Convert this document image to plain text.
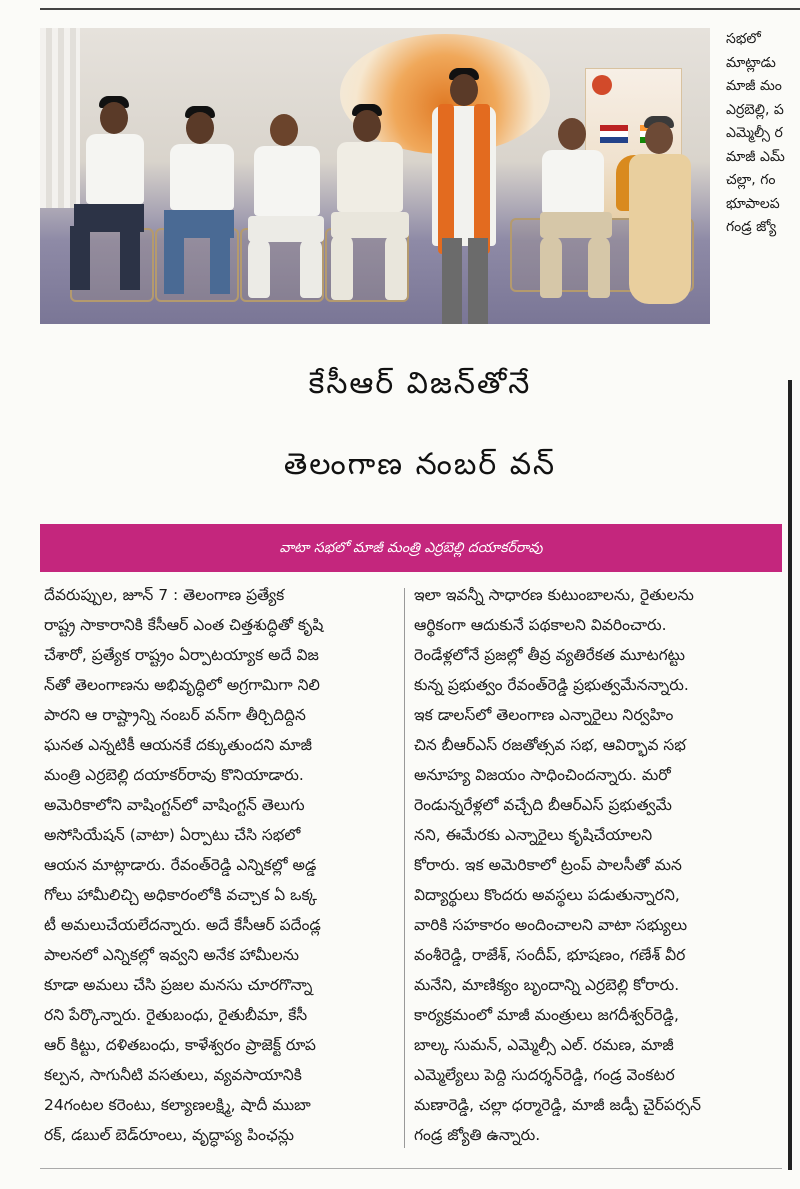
సభలో
మాట్లాడు
మాజీ మం
ఎర్రబెల్లి, ప
ఎమ్మెల్సీ ర
మాజీ ఎమ్
చల్లా, గం
భూపాలప
గండ్ర జ్యో
కేసీఆర్ విజన్‌తోనే
తెలంగాణ నంబర్ వన్
వాటా సభలో మాజీ మంత్రి ఎర్రబెల్లి దయాకర్‌రావు
దేవరుప్పుల, జూన్ 7 : తెలంగాణ ప్రత్యేక
రాష్ట్ర సాకారానికి కేసీఆర్ ఎంత చిత్తశుద్ధితో కృషి
చేశారో, ప్రత్యేక రాష్ట్రం ఏర్పాటయ్యాక అదే విజ
న్‌తో తెలంగాణను అభివృద్ధిలో అగ్రగామిగా నిలి
పారని ఆ రాష్ట్రాన్ని నంబర్ వన్‌గా తీర్చిదిద్దిన
ఘనత ఎన్నటికీ ఆయనకే దక్కుతుందని మాజీ
మంత్రి ఎర్రబెల్లి దయాకర్‌రావు కొనియాడారు.
అమెరికాలోని వాషింగ్టన్‌లో వాషింగ్టన్ తెలుగు
అసోసియేషన్ (వాటా) ఏర్పాటు చేసి సభలో
ఆయన మాట్లాడారు. రేవంత్‌రెడ్డి ఎన్నికల్లో అడ్డ
గోలు హామీలిచ్చి అధికారంలోకి వచ్చాక ఏ ఒక్క
టీ అమలుచేయలేదన్నారు. అదే కేసీఆర్ పదేండ్ల
పాలనలో ఎన్నికల్లో ఇవ్వని అనేక హామీలను
కూడా అమలు చేసి ప్రజల మనసు చూరగొన్నా
రని పేర్కొన్నారు. రైతుబంధు, రైతుబీమా, కేసీ
ఆర్ కిట్టు, దళితబంధు, కాళేశ్వరం ప్రాజెక్ట్ రూప
కల్పన, సాగునీటి వసతులు, వ్యవసాయానికి
24గంటల కరెంటు, కల్యాణలక్ష్మి, షాదీ ముబా
రక్, డబుల్ బెడ్‌రూంలు, వృద్ధాప్య పింఛన్లు
ఇలా ఇవన్నీ సాధారణ కుటుంబాలను, రైతులను
ఆర్థికంగా ఆదుకునే పథకాలని వివరించారు.
రెండేళ్లలోనే ప్రజల్లో తీవ్ర వ్యతిరేకత మూటగట్టు
కున్న ప్రభుత్వం రేవంత్‌రెడ్డి ప్రభుత్వమేనన్నారు.
ఇక డాలస్‌లో తెలంగాణ ఎన్నారైలు నిర్వహిం
చిన బీఆర్‌ఎస్ రజతోత్సవ సభ, ఆవిర్భావ సభ
అనూహ్య విజయం సాధించిందన్నారు. మరో
రెండున్నరేళ్లలో వచ్చేది బీఆర్‌ఎస్ ప్రభుత్వమే
నని, ఈమేరకు ఎన్నారైలు కృషిచేయాలని
కోరారు. ఇక అమెరికాలో ట్రంప్ పాలసీతో మన
విద్యార్థులు కొందరు అవస్థలు పడుతున్నారని,
వారికి సహకారం అందించాలని వాటా సభ్యులు
వంశీరెడ్డి, రాజేశ్, సందీప్, భూషణం, గణేశ్ వీర
మనేని, మాణిక్యం బృందాన్ని ఎర్రబెల్లి కోరారు.
కార్యక్రమంలో మాజీ మంత్రులు జగదీశ్వర్‌రెడ్డి,
బాల్క సుమన్, ఎమ్మెల్సీ ఎల్. రమణ, మాజీ
ఎమ్మెల్యేలు పెద్ది సుదర్శన్‌రెడ్డి, గండ్ర వెంకటర
మణారెడ్డి, చల్లా ధర్మారెడ్డి, మాజీ జడ్పీ చైర్‌పర్సన్
గండ్ర జ్యోతి ఉన్నారు.
